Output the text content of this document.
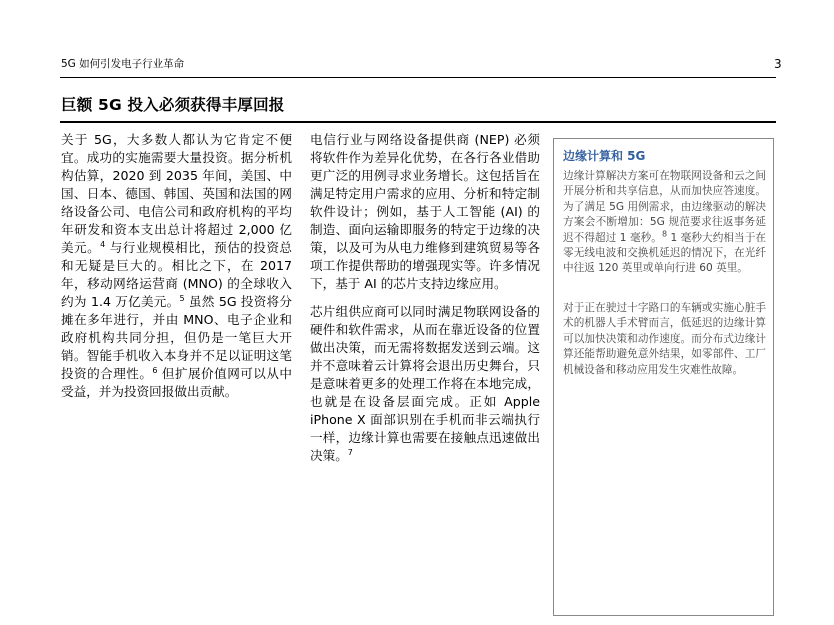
5G 如何引发电子行业革命	3
巨额 5G 投入必须获得丰厚回报

关于 5G，大多数人都认为它肯定不便宜。成功的实施需要大量投资。据分析机构估算，2020 到 2035 年间，美国、中国、日本、德国、韩国、英国和法国的网络设备公司、电信公司和政府机构的平均年研发和资本支出总计将超过 2,000 亿美元。$^4$ 与行业规模相比，预估的投资总和无疑是巨大的。相比之下，在 2017 年，移动网络运营商 (MNO) 的全球收入约为 1.4 万亿美元。$^5$ 虽然 5G 投资将分摊在多年进行，并由 MNO、电子企业和政府机构共同分担，但仍是一笔巨大开销。智能手机收入本身并不足以证明这笔投资的合理性。$^6$ 但扩展价值网可以从中受益，并为投资回报做出贡献。

电信行业与网络设备提供商 (NEP) 必须将软件作为差异化优势，在各行各业借助更广泛的用例寻求业务增长。这包括旨在满足特定用户需求的应用、分析和特定制软件设计；例如，基于人工智能 (AI) 的制造、面向运输即服务的特定于边缘的决策，以及可为从电力维修到建筑贸易等各项工作提供帮助的增强现实等。许多情况下，基于 AI 的芯片支持边缘应用。

芯片组供应商可以同时满足物联网设备的硬件和软件需求，从而在靠近设备的位置做出决策，而无需将数据发送到云端。这并不意味着云计算将会退出历史舞台，只是意味着更多的处理工作将在本地完成，也就是在设备层面完成。正如 Apple iPhone X 面部识别在手机而非云端执行一样，边缘计算也需要在接触点迅速做出决策。$^7$

边缘计算和 5G
边缘计算解决方案可在物联网设备和云之间开展分析和共享信息，从而加快应答速度。为了满足 5G 用例需求，由边缘驱动的解决方案会不断增加：5G 规范要求往返事务延迟不得超过 1 毫秒。$^8$ 1 毫秒大约相当于在零无线电波和交换机延迟的情况下，在光纤中往返 120 英里或单向行进 60 英里。
对于正在驶过十字路口的车辆或实施心脏手术的机器人手术臂而言，低延迟的边缘计算可以加快决策和动作速度。而分布式边缘计算还能帮助避免意外结果，如零部件、工厂机械设备和移动应用发生灾难性故障。
